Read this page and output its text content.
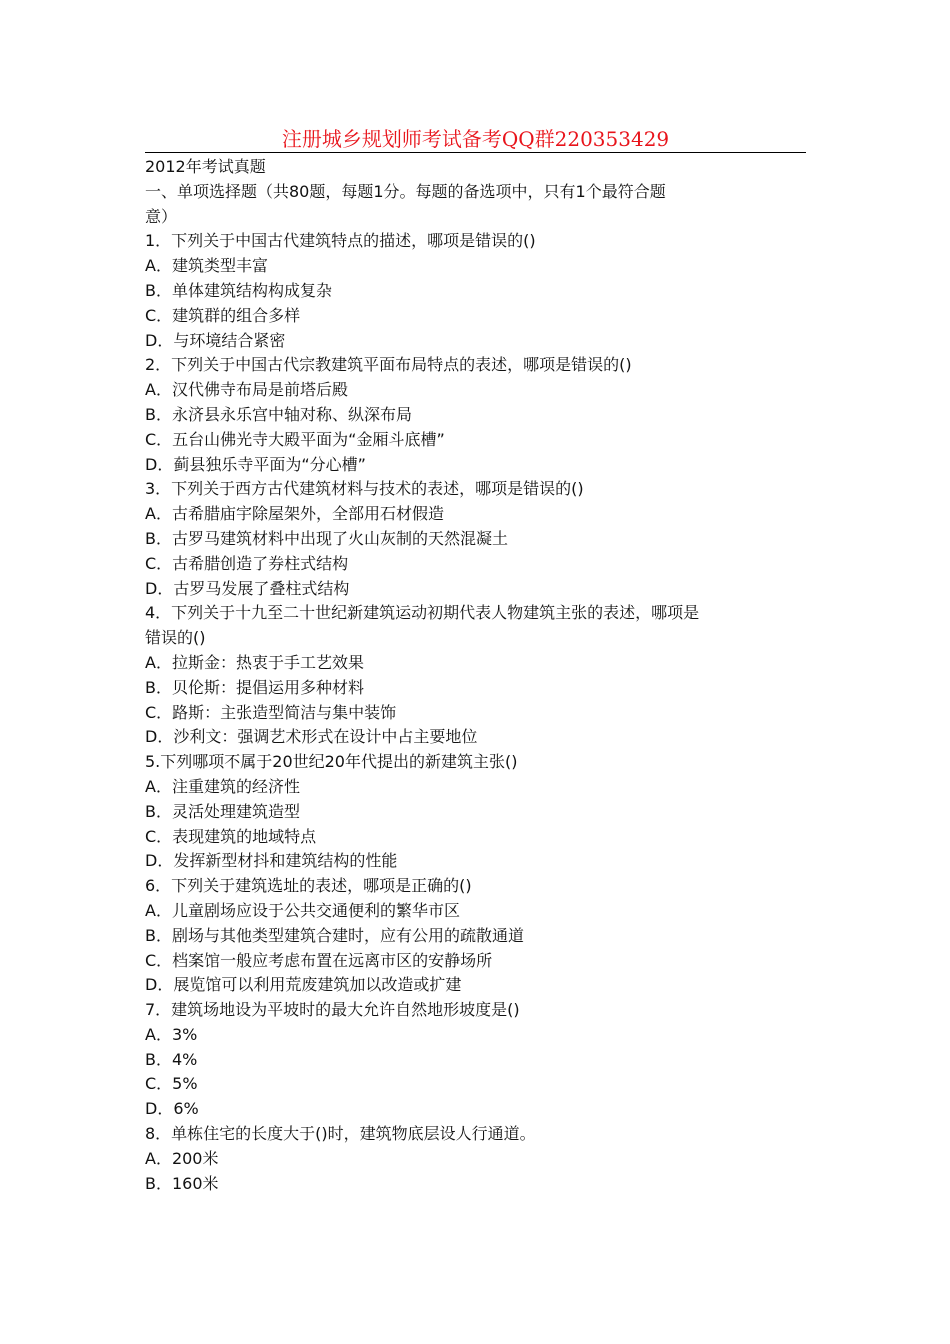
注册城乡规划师考试备考QQ群220353429
2012年考试真题
一、单项选择题（共80题，每题1分。每题的备选项中，只有1个最符合题
意）
1．下列关于中国古代建筑特点的描述，哪项是错误的()
A．建筑类型丰富
B．单体建筑结构构成复杂
C．建筑群的组合多样
D．与环境结合紧密
2．下列关于中国古代宗教建筑平面布局特点的表述，哪项是错误的()
A．汉代佛寺布局是前塔后殿
B．永济县永乐宫中轴对称、纵深布局
C．五台山佛光寺大殿平面为“金厢斗底槽”
D．蓟县独乐寺平面为“分心槽”
3．下列关于西方古代建筑材料与技术的表述，哪项是错误的()
A．古希腊庙宇除屋架外，全部用石材假造
B．古罗马建筑材料中出现了火山灰制的天然混凝土
C．古希腊创造了券柱式结构
D．古罗马发展了叠柱式结构
4．下列关于十九至二十世纪新建筑运动初期代表人物建筑主张的表述，哪项是
错误的()
A．拉斯金：热衷于手工艺效果
B．贝伦斯：提倡运用多种材料
C．路斯：主张造型简洁与集中装饰
D．沙利文：强调艺术形式在设计中占主要地位
5.下列哪项不属于20世纪20年代提出的新建筑主张()
A．注重建筑的经济性
B．灵活处理建筑造型
C．表现建筑的地域特点
D．发挥新型材抖和建筑结构的性能
6．下列关于建筑选址的表述，哪项是正确的()
A．儿童剧场应设于公共交通便利的繁华市区
B．剧场与其他类型建筑合建时，应有公用的疏散通道
C．档案馆一般应考虑布置在远离市区的安静场所
D．展览馆可以利用荒废建筑加以改造或扩建
7．建筑场地设为平坡时的最大允许自然地形坡度是()
A．3%
B．4%
C．5%
D．6%
8．单栋住宅的长度大于()时，建筑物底层设人行通道。
A．200米
B．160米
